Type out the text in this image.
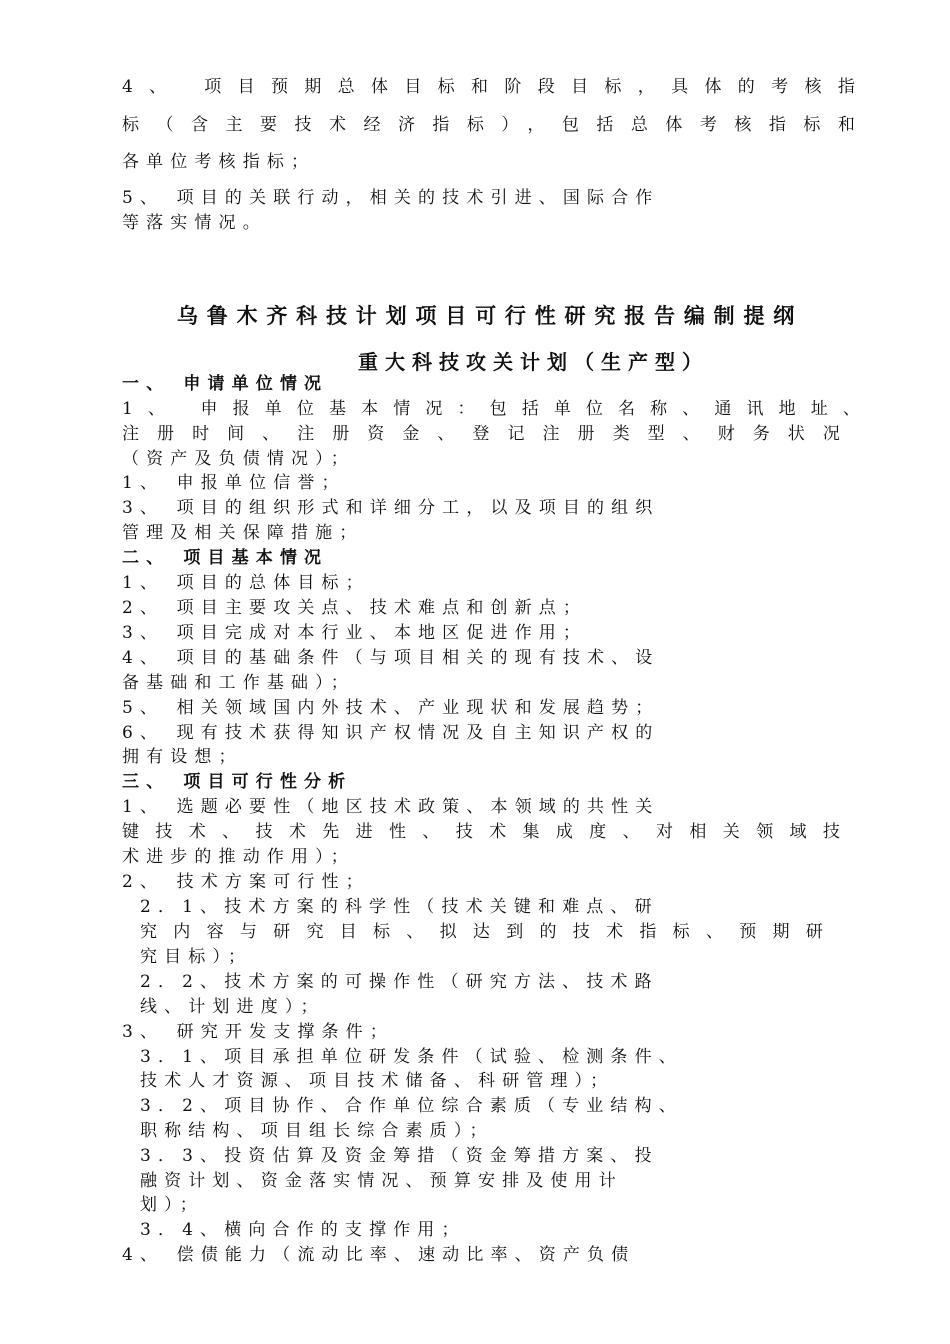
4、 项目预期总体目标和阶段目标，具体的考核指

标（含主要技术经济指标），包括总体考核指标和

各单位考核指标；

5、 项目的关联行动，相关的技术引进、国际合作

等落实情况。

乌鲁木齐科技计划项目可行性研究报告编制提纲
重大科技攻关计划（生产型）

一、 申请单位情况

1、 申报单位基本情况：包括单位名称、通讯地址、

注册时间、注册资金、登记注册类型、财务状况

（资产及负债情况）；

1、 申报单位信誉；

3、 项目的组织形式和详细分工，以及项目的组织

管理及相关保障措施；

二、 项目基本情况

1、 项目的总体目标；

2、 项目主要攻关点、技术难点和创新点；

3、 项目完成对本行业、本地区促进作用；

4、 项目的基础条件（与项目相关的现有技术、设

备基础和工作基础）；

5、 相关领域国内外技术、产业现状和发展趋势；

6、 现有技术获得知识产权情况及自主知识产权的

拥有设想；

三、 项目可行性分析

1、 选题必要性（地区技术政策、本领域的共性关

键技术、技术先进性、技术集成度、对相关领域技

术进步的推动作用）；

2、 技术方案可行性；

2．1、技术方案的科学性（技术关键和难点、研

究内容与研究目标、拟达到的技术指标、预期研

究目标）；

2．2、技术方案的可操作性（研究方法、技术路

线、计划进度）；

3、 研究开发支撑条件；

3．1、项目承担单位研发条件（试验、检测条件、

技术人才资源、项目技术储备、科研管理）；

3．2、项目协作、合作单位综合素质（专业结构、

职称结构、项目组长综合素质）；

3．3、投资估算及资金筹措（资金筹措方案、投

融资计划、资金落实情况、预算安排及使用计

划）；

3．4、横向合作的支撑作用；

4、 偿债能力（流动比率、速动比率、资产负债
